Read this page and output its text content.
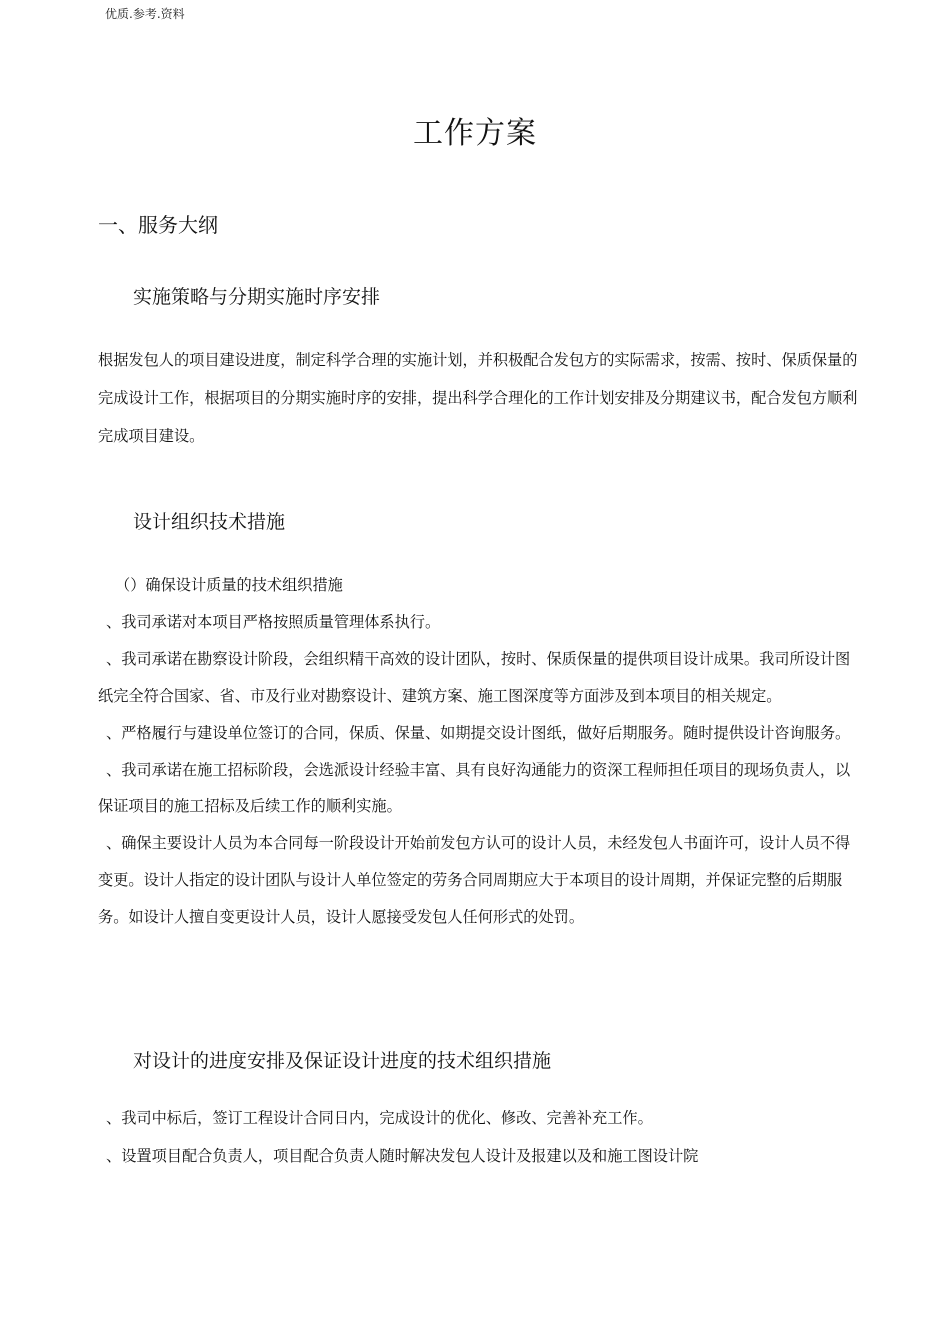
优质.参考.资料
工作方案
一、服务大纲
实施策略与分期实施时序安排

根据发包人的项目建设进度，制定科学合理的实施计划，并积极配合发包方的实际需求，按需、按时、保质保量的完成设计工作，根据项目的分期实施时序的安排，提出科学合理化的工作计划安排及分期建议书，配合发包方顺利完成项目建设。

设计组织技术措施

（）确保设计质量的技术组织措施

、我司承诺对本项目严格按照质量管理体系执行。

、我司承诺在勘察设计阶段，会组织精干高效的设计团队，按时、保质保量的提供项目设计成果。我司所设计图纸完全符合国家、省、市及行业对勘察设计、建筑方案、施工图深度等方面涉及到本项目的相关规定。

、严格履行与建设单位签订的合同，保质、保量、如期提交设计图纸，做好后期服务。随时提供设计咨询服务。

、我司承诺在施工招标阶段，会选派设计经验丰富、具有良好沟通能力的资深工程师担任项目的现场负责人，以保证项目的施工招标及后续工作的顺利实施。

、确保主要设计人员为本合同每一阶段设计开始前发包方认可的设计人员，未经发包人书面许可，设计人员不得变更。设计人指定的设计团队与设计人单位签定的劳务合同周期应大于本项目的设计周期，并保证完整的后期服务。如设计人擅自变更设计人员，设计人愿接受发包人任何形式的处罚。

对设计的进度安排及保证设计进度的技术组织措施

、我司中标后，签订工程设计合同日内，完成设计的优化、修改、完善补充工作。

、设置项目配合负责人，项目配合负责人随时解决发包人设计及报建以及和施工图设计院
